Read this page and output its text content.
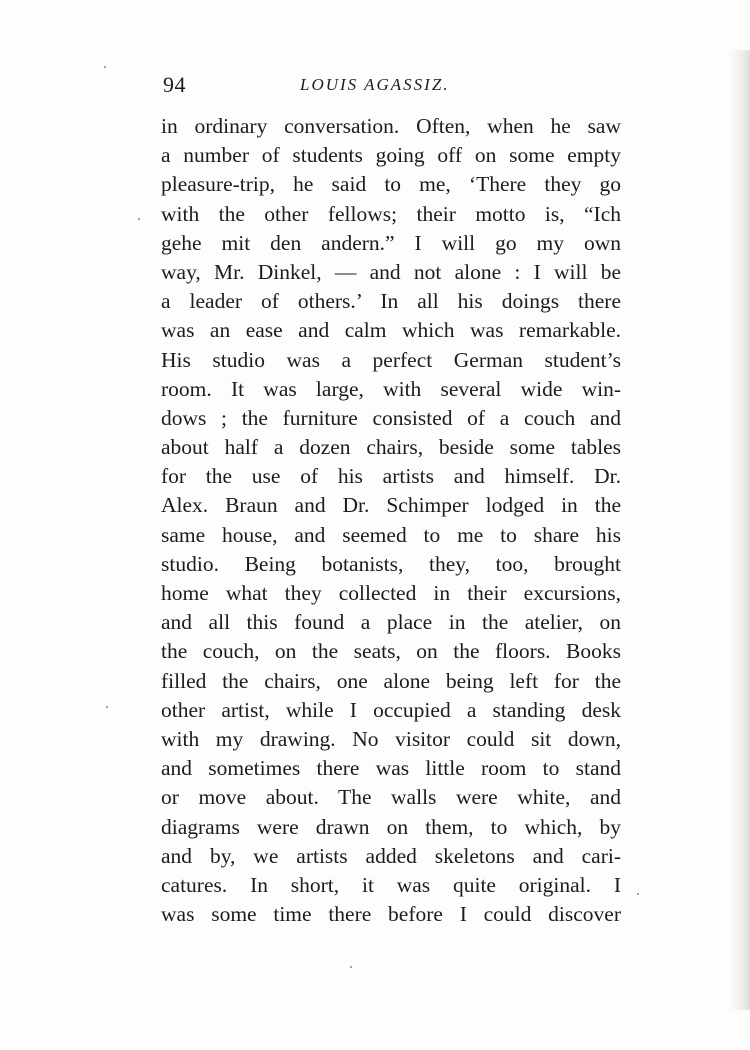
94	LOUIS AGASSIZ.
in ordinary conversation. Often, when he saw
a number of students going off on some empty
pleasure-trip, he said to me, ‘There they go
with the other fellows; their motto is, “Ich
gehe mit den andern.” I will go my own
way, Mr. Dinkel, — and not alone : I will be
a leader of others.’ In all his doings there
was an ease and calm which was remarkable.
His studio was a perfect German student’s
room. It was large, with several wide win-
dows ; the furniture consisted of a couch and
about half a dozen chairs, beside some tables
for the use of his artists and himself. Dr.
Alex. Braun and Dr. Schimper lodged in the
same house, and seemed to me to share his
studio. Being botanists, they, too, brought
home what they collected in their excursions,
and all this found a place in the atelier, on
the couch, on the seats, on the floors. Books
filled the chairs, one alone being left for the
other artist, while I occupied a standing desk
with my drawing. No visitor could sit down,
and sometimes there was little room to stand
or move about. The walls were white, and
diagrams were drawn on them, to which, by
and by, we artists added skeletons and cari-
catures. In short, it was quite original. I
was some time there before I could discover
